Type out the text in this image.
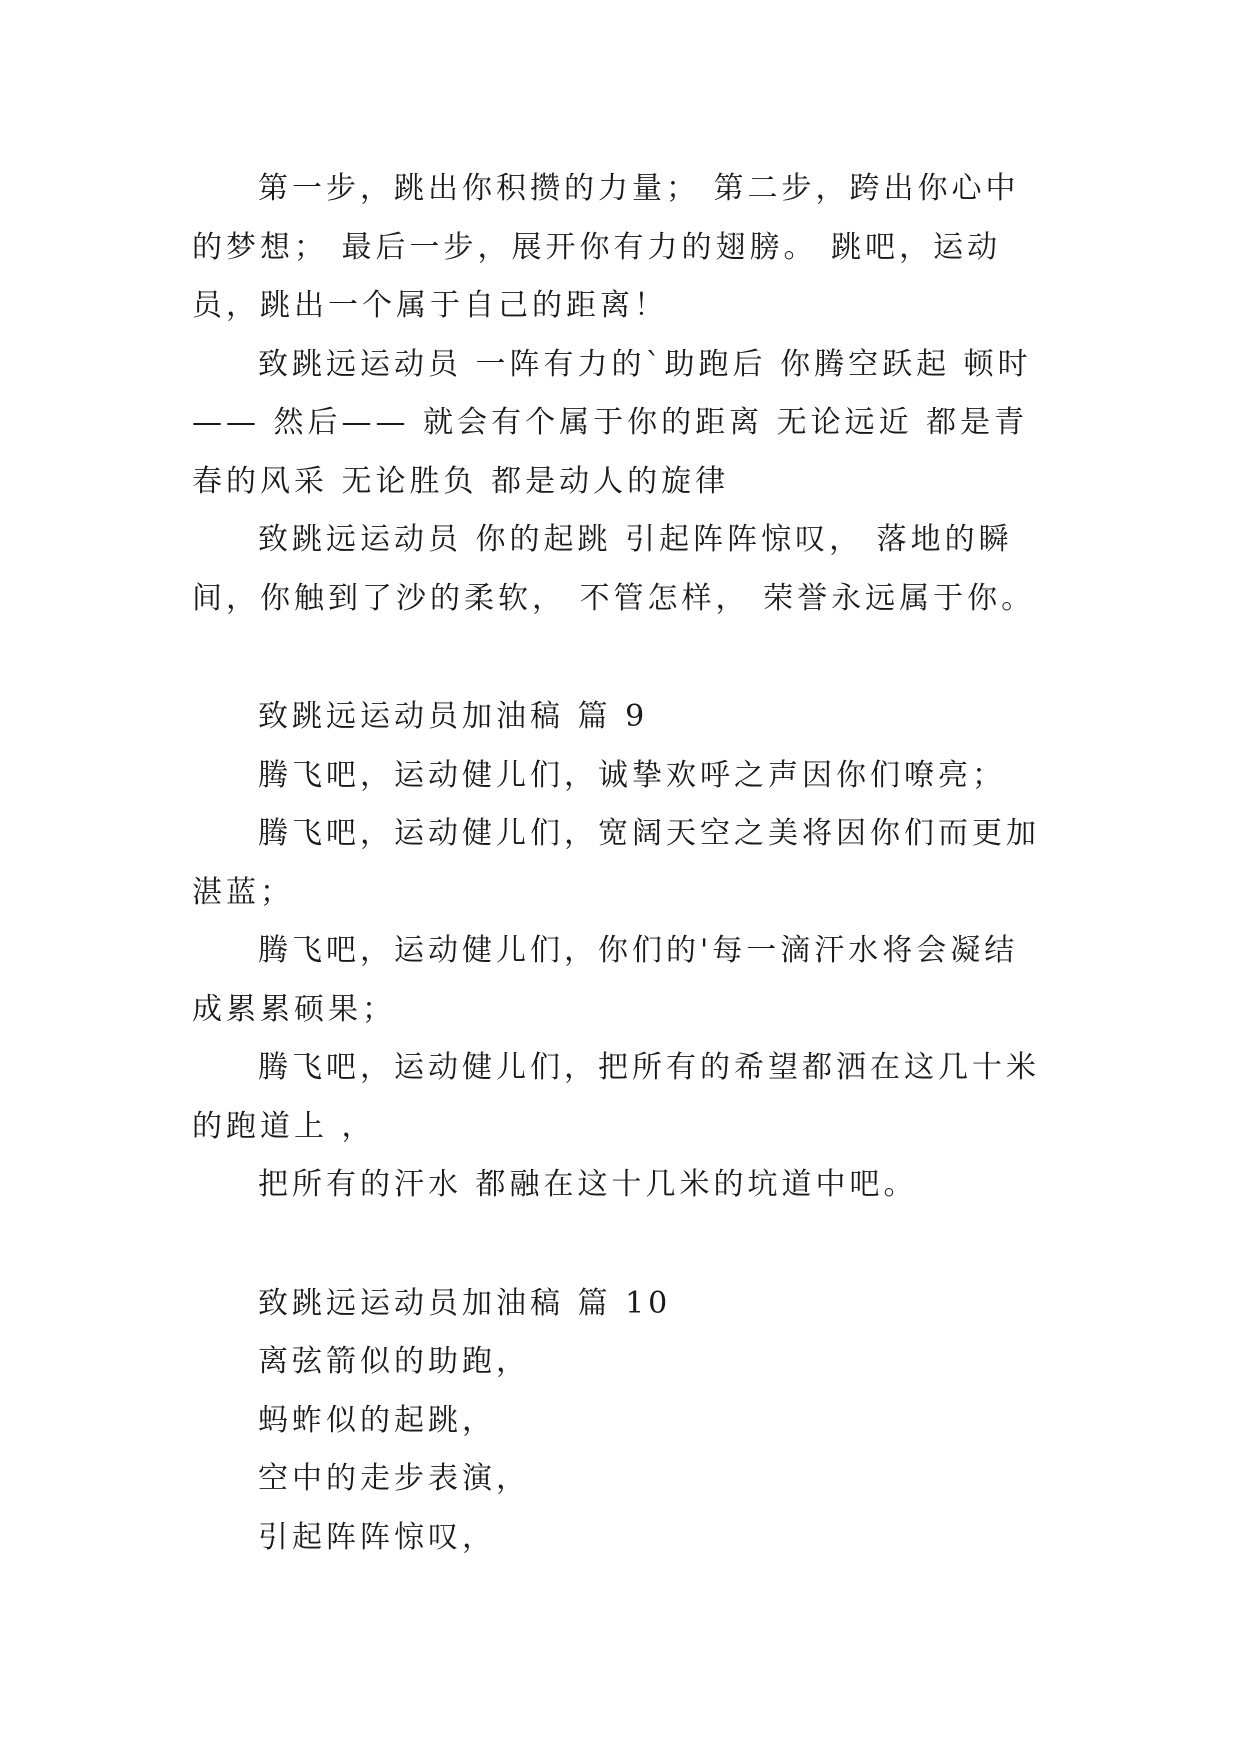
第一步，跳出你积攒的力量； 第二步，跨出你心中的梦想； 最后一步，展开你有力的翅膀。 跳吧，运动员，跳出一个属于自己的距离！

致跳远运动员 一阵有力的`助跑后 你腾空跃起 顿时—— 然后—— 就会有个属于你的距离 无论远近 都是青春的风采 无论胜负 都是动人的旋律

致跳远运动员 你的起跳 引起阵阵惊叹， 落地的瞬间，你触到了沙的柔软， 不管怎样， 荣誉永远属于你。

致跳远运动员加油稿 篇 9

腾飞吧，运动健儿们，诚挚欢呼之声因你们嘹亮；

腾飞吧，运动健儿们，宽阔天空之美将因你们而更加湛蓝；

腾飞吧，运动健儿们，你们的'每一滴汗水将会凝结成累累硕果；

腾飞吧，运动健儿们，把所有的希望都洒在这几十米的跑道上 ，

把所有的汗水 都融在这十几米的坑道中吧。

致跳远运动员加油稿 篇 10

离弦箭似的助跑，

蚂蚱似的起跳，

空中的走步表演，

引起阵阵惊叹，
